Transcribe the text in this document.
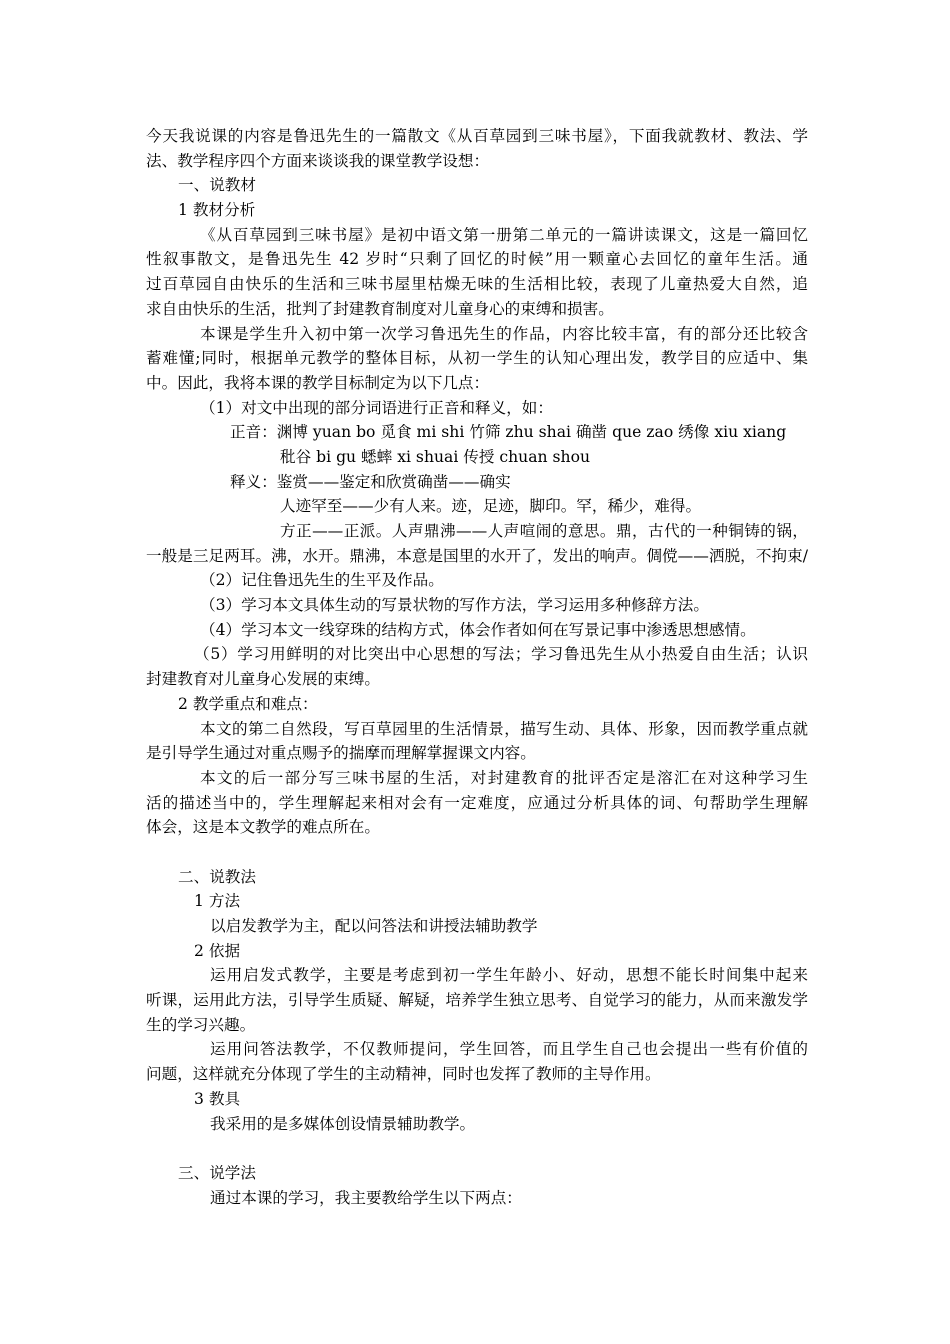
今天我说课的内容是鲁迅先生的一篇散文《从百草园到三味书屋》，下面我就教材、教法、学
法、教学程序四个方面来谈谈我的课堂教学设想：
一、说教材
1 教材分析
《从百草园到三味书屋》是初中语文第一册第二单元的一篇讲读课文，这是一篇回忆
性叙事散文，是鲁迅先生 42 岁时“只剩了回忆的时候”用一颗童心去回忆的童年生活。通
过百草园自由快乐的生活和三味书屋里枯燥无味的生活相比较，表现了儿童热爱大自然，追
求自由快乐的生活，批判了封建教育制度对儿童身心的束缚和损害。
本课是学生升入初中第一次学习鲁迅先生的作品，内容比较丰富，有的部分还比较含
蓄难懂;同时，根据单元教学的整体目标，从初一学生的认知心理出发，教学目的应适中、集
中。因此，我将本课的教学目标制定为以下几点：
（1）对文中出现的部分词语进行正音和释义，如：
正音：渊博 yuan bo 觅食 mi shi 竹筛 zhu shai 确凿 que zao 绣像 xiu xiang
秕谷 bi gu 蟋蟀 xi shuai 传授 chuan shou
释义：鉴赏——鉴定和欣赏确凿——确实
人迹罕至——少有人来。迹，足迹，脚印。罕，稀少，难得。
方正——正派。人声鼎沸——人声喧闹的意思。鼎，古代的一种铜铸的锅，
一般是三足两耳。沸，水开。鼎沸，本意是国里的水开了，发出的响声。倜傥——洒脱，不拘束/
（2）记住鲁迅先生的生平及作品。
（3）学习本文具体生动的写景状物的写作方法，学习运用多种修辞方法。
（4）学习本文一线穿珠的结构方式，体会作者如何在写景记事中渗透思想感情。
（5）学习用鲜明的对比突出中心思想的写法；学习鲁迅先生从小热爱自由生活；认识
封建教育对儿童身心发展的束缚。
2 教学重点和难点：
本文的第二自然段，写百草园里的生活情景，描写生动、具体、形象，因而教学重点就
是引导学生通过对重点赐予的揣摩而理解掌握课文内容。
本文的后一部分写三味书屋的生活，对封建教育的批评否定是溶汇在对这种学习生
活的描述当中的，学生理解起来相对会有一定难度，应通过分析具体的词、句帮助学生理解
体会，这是本文教学的难点所在。
二、说教法
1 方法
以启发教学为主，配以问答法和讲授法辅助教学
2 依据
运用启发式教学，主要是考虑到初一学生年龄小、好动，思想不能长时间集中起来
听课，运用此方法，引导学生质疑、解疑，培养学生独立思考、自觉学习的能力，从而来激发学
生的学习兴趣。
运用问答法教学，不仅教师提问，学生回答，而且学生自己也会提出一些有价值的
问题，这样就充分体现了学生的主动精神，同时也发挥了教师的主导作用。
3 教具
我采用的是多媒体创设情景辅助教学。
三、说学法
通过本课的学习，我主要教给学生以下两点：
